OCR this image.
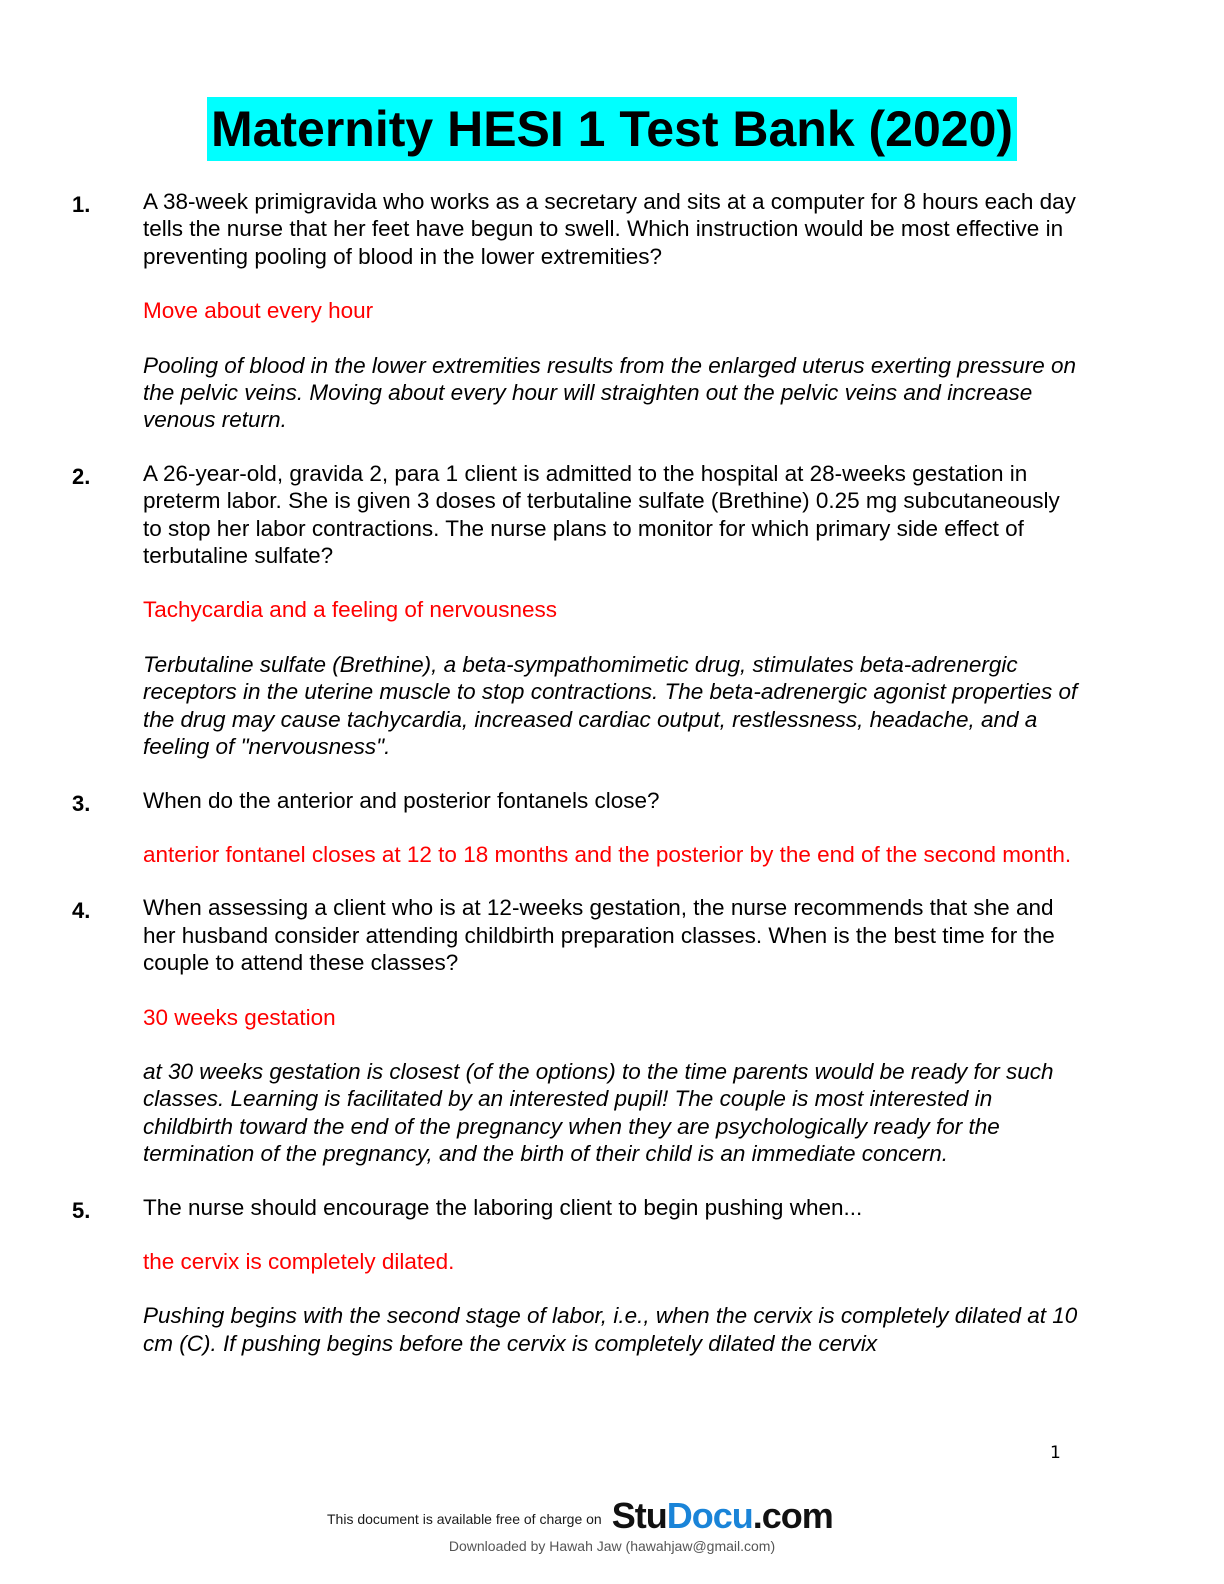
Maternity HESI 1 Test Bank (2020)
1. A 38-week primigravida who works as a secretary and sits at a computer for 8 hours each day tells the nurse that her feet have begun to swell. Which instruction would be most effective in preventing pooling of blood in the lower extremities?
Move about every hour
Pooling of blood in the lower extremities results from the enlarged uterus exerting pressure on the pelvic veins. Moving about every hour will straighten out the pelvic veins and increase venous return.
2. A 26-year-old, gravida 2, para 1 client is admitted to the hospital at 28-weeks gestation in preterm labor. She is given 3 doses of terbutaline sulfate (Brethine) 0.25 mg subcutaneously to stop her labor contractions. The nurse plans to monitor for which primary side effect of terbutaline sulfate?
Tachycardia and a feeling of nervousness
Terbutaline sulfate (Brethine), a beta-sympathomimetic drug, stimulates beta-adrenergic receptors in the uterine muscle to stop contractions. The beta-adrenergic agonist properties of the drug may cause tachycardia, increased cardiac output, restlessness, headache, and a feeling of "nervousness".
3. When do the anterior and posterior fontanels close?
anterior fontanel closes at 12 to 18 months and the posterior by the end of the second month.
4. When assessing a client who is at 12-weeks gestation, the nurse recommends that she and her husband consider attending childbirth preparation classes. When is the best time for the couple to attend these classes?
30 weeks gestation
at 30 weeks gestation is closest (of the options) to the time parents would be ready for such classes. Learning is facilitated by an interested pupil! The couple is most interested in childbirth toward the end of the pregnancy when they are psychologically ready for the termination of the pregnancy, and the birth of their child is an immediate concern.
5. The nurse should encourage the laboring client to begin pushing when...
the cervix is completely dilated.
Pushing begins with the second stage of labor, i.e., when the cervix is completely dilated at 10 cm (C). If pushing begins before the cervix is completely dilated the cervix
1
This document is available free of charge on StuDocu.com
Downloaded by Hawah Jaw (hawahjaw@gmail.com)
